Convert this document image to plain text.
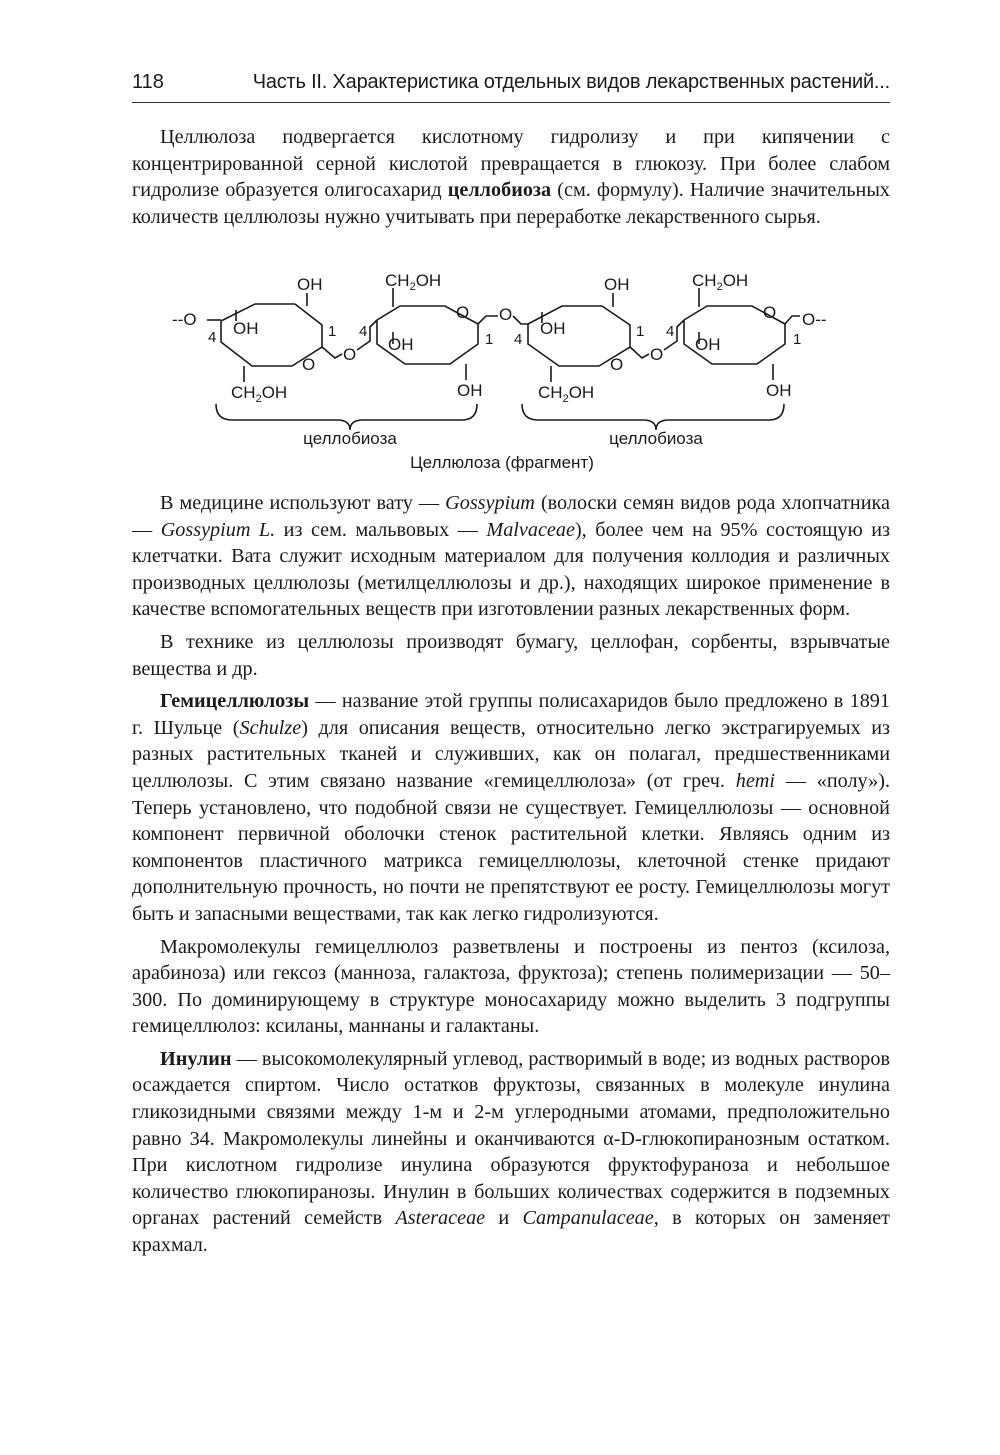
118	Часть II. Характеристика отдельных видов лекарственных растений...

Целлюлоза подвергается кислотному гидролизу и при кипячении с концентрированной серной кислотой превращается в глюкозу. При более слабом гидролизе образуется олигосахарид целлобиоза (см. формулу). Наличие значительных количеств целлюлозы нужно учитывать при переработке лекарственного сырья.

--O
4
OH
OH
O
$CH_2OH$
1
O
4
$CH_2OH$
O
OH
OH
1
O
4
OH
OH
O
$CH_2OH$
1
O
4
$CH_2OH$
O
OH
OH
1
O--
целлобиоза	целлобиоза
Целлюлоза (фрагмент)

В медицине используют вату — Gossypium (волоски семян видов рода хлопчатника — Gossypium L. из сем. мальвовых — Malvaceae), более чем на 95% состоящую из клетчатки. Вата служит исходным материалом для получения коллодия и различных производных целлюлозы (метилцеллюлозы и др.), находящих широкое применение в качестве вспомогательных веществ при изготовлении разных лекарственных форм.

В технике из целлюлозы производят бумагу, целлофан, сорбенты, взрывчатые вещества и др.

Гемицеллюлозы — название этой группы полисахаридов было предложено в 1891 г. Шульце (Schulze) для описания веществ, относительно легко экстрагируемых из разных растительных тканей и служивших, как он полагал, предшественниками целлюлозы. С этим связано название «гемицеллюлоза» (от греч. hemi — «полу»). Теперь установлено, что подобной связи не существует. Гемицеллюлозы — основной компонент первичной оболочки стенок растительной клетки. Являясь одним из компонентов пластичного матрикса гемицеллюлозы, клеточной стенке придают дополнительную прочность, но почти не препятствуют ее росту. Гемицеллюлозы могут быть и запасными веществами, так как легко гидролизуются.

Макромолекулы гемицеллюлоз разветвлены и построены из пентоз (ксилоза, арабиноза) или гексоз (манноза, галактоза, фруктоза); степень полимеризации — 50–300. По доминирующему в структуре моносахариду можно выделить 3 подгруппы гемицеллюлоз: ксиланы, маннаны и галактаны.

Инулин — высокомолекулярный углевод, растворимый в воде; из водных растворов осаждается спиртом. Число остатков фруктозы, связанных в молекуле инулина гликозидными связями между 1-м и 2-м углеродными атомами, предположительно равно 34. Макромолекулы линейны и оканчиваются α-D-глюкопиранозным остатком. При кислотном гидролизе инулина образуются фруктофураноза и небольшое количество глюкопиранозы. Инулин в больших количествах содержится в подземных органах растений семейств Asteraceae и Campanulaceae, в которых он заменяет крахмал.
